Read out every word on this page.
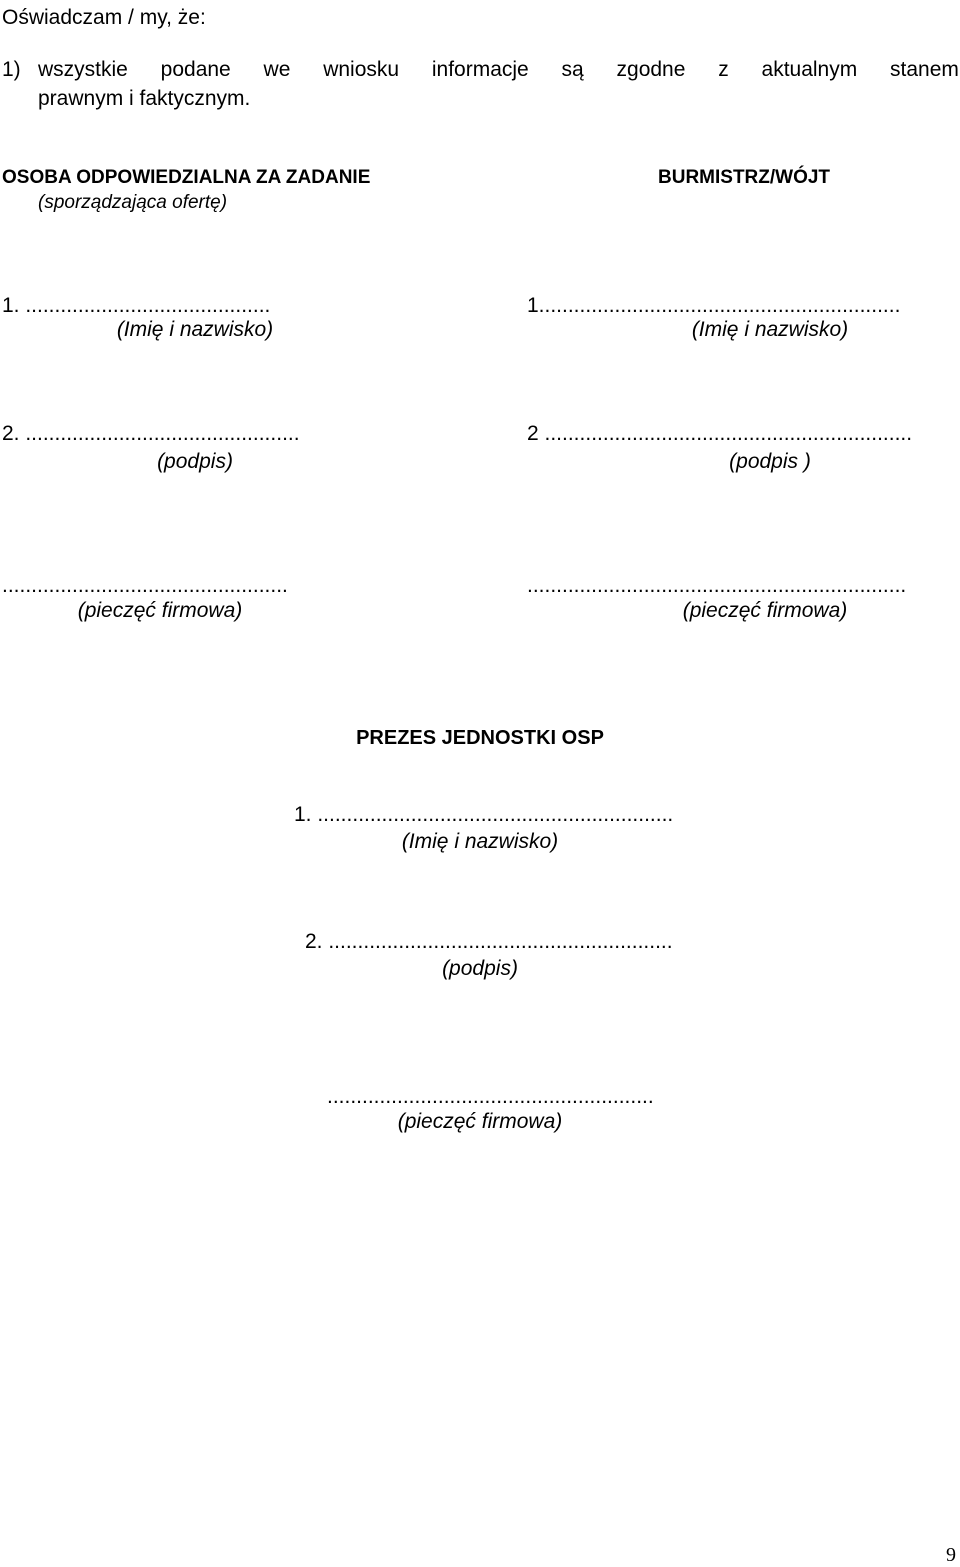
Oświadczam / my, że:
1) wszystkie podane we wniosku informacje są zgodne z aktualnym stanem
prawnym i faktycznym.
OSOBA ODPOWIEDZIALNA ZA ZADANIE
(sporządzająca ofertę)
1. ..........................................
(Imię i nazwisko)
2. ...............................................
(podpis)
.................................................
(pieczęć firmowa)
BURMISTRZ/WÓJT
1..............................................................
(Imię i nazwisko)
2 ...............................................................
(podpis )
.................................................................
(pieczęć firmowa)
PREZES JEDNOSTKI OSP
1. .............................................................
(Imię i nazwisko)
2. ...........................................................
(podpis)
........................................................
(pieczęć firmowa)
9
